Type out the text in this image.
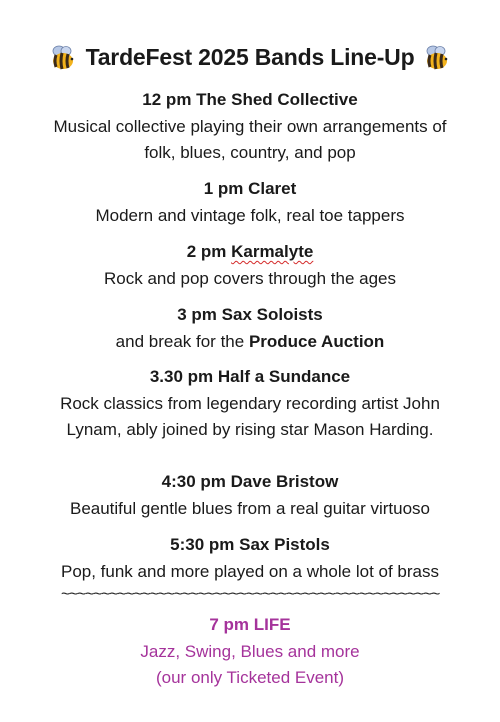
TardeFest 2025 Bands Line-Up
12 pm The Shed Collective
Musical collective playing their own arrangements of
folk, blues, country, and pop
1 pm Claret
Modern and vintage folk, real toe tappers
2 pm Karmalyte
Rock and pop covers through the ages
3 pm Sax Soloists
and break for the Produce Auction
3.30 pm Half a Sundance
Rock classics from legendary recording artist John
Lynam, ably joined by rising star Mason Harding.
4:30 pm Dave Bristow
Beautiful gentle blues from a real guitar virtuoso
5:30 pm Sax Pistols
Pop, funk and more played on a whole lot of brass
~~~~~~~~~~~~~~~~~~~~~~~~~~~~~~~~~~~~~~~~~~~~~~~
7 pm LIFE
Jazz, Swing, Blues and more
(our only Ticketed Event)
